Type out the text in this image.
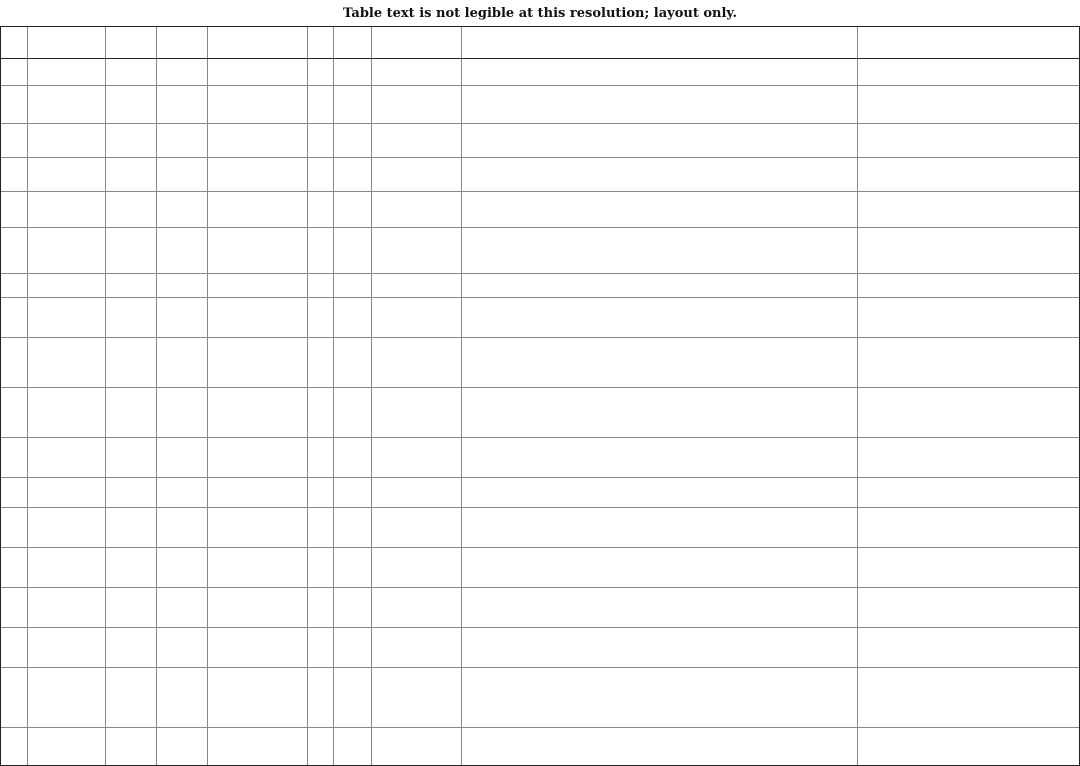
Table text is not legible at this resolution; layout only.
